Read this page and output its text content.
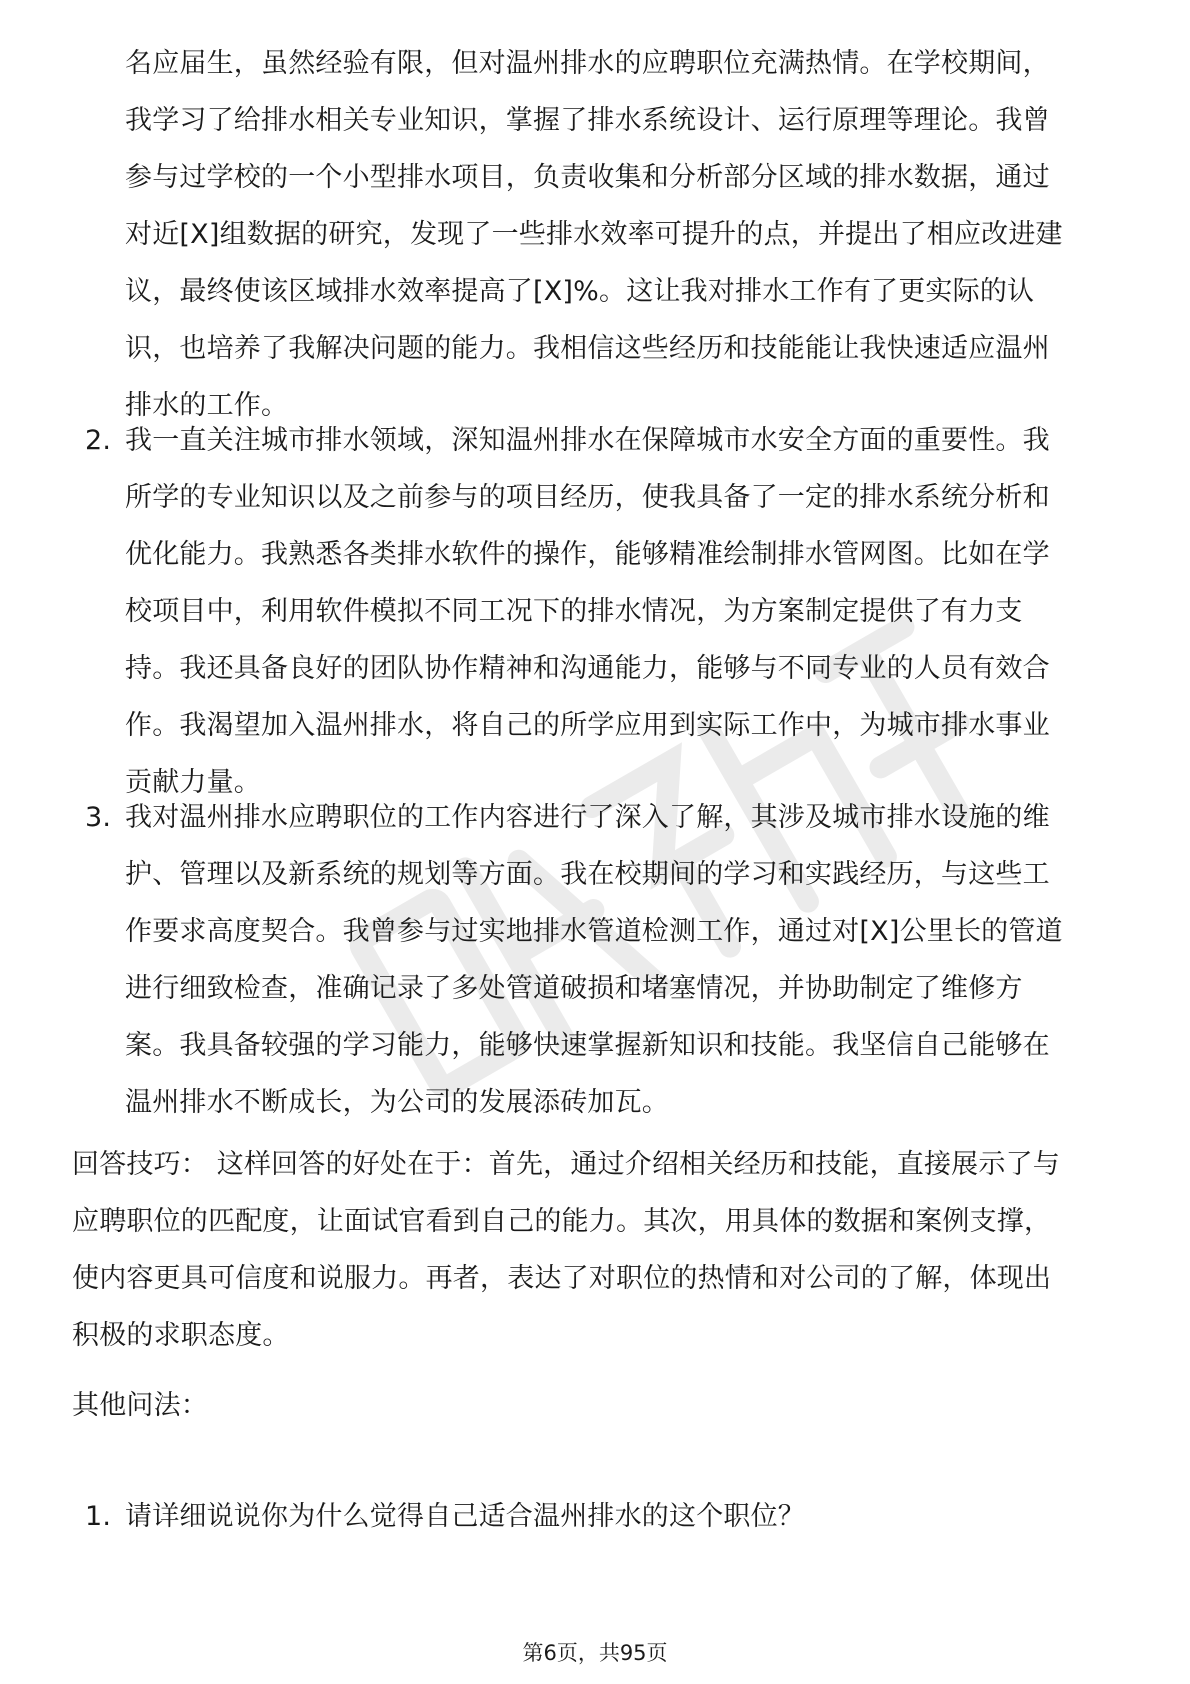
名应届生，虽然经验有限，但对温州排水的应聘职位充满热情。在学校期间，
我学习了给排水相关专业知识，掌握了排水系统设计、运行原理等理论。我曾
参与过学校的一个小型排水项目，负责收集和分析部分区域的排水数据，通过
对近[X]组数据的研究，发现了一些排水效率可提升的点，并提出了相应改进建
议，最终使该区域排水效率提高了[X]%。这让我对排水工作有了更实际的认
识，也培养了我解决问题的能力。我相信这些经历和技能能让我快速适应温州
排水的工作。
2. 我一直关注城市排水领域，深知温州排水在保障城市水安全方面的重要性。我
所学的专业知识以及之前参与的项目经历，使我具备了一定的排水系统分析和
优化能力。我熟悉各类排水软件的操作，能够精准绘制排水管网图。比如在学
校项目中，利用软件模拟不同工况下的排水情况，为方案制定提供了有力支
持。我还具备良好的团队协作精神和沟通能力，能够与不同专业的人员有效合
作。我渴望加入温州排水，将自己的所学应用到实际工作中，为城市排水事业
贡献力量。
3. 我对温州排水应聘职位的工作内容进行了深入了解，其涉及城市排水设施的维
护、管理以及新系统的规划等方面。我在校期间的学习和实践经历，与这些工
作要求高度契合。我曾参与过实地排水管道检测工作，通过对[X]公里长的管道
进行细致检查，准确记录了多处管道破损和堵塞情况，并协助制定了维修方
案。我具备较强的学习能力，能够快速掌握新知识和技能。我坚信自己能够在
温州排水不断成长，为公司的发展添砖加瓦。
回答技巧： 这样回答的好处在于：首先，通过介绍相关经历和技能，直接展示了与
应聘职位的匹配度，让面试官看到自己的能力。其次，用具体的数据和案例支撑，
使内容更具可信度和说服力。再者，表达了对职位的热情和对公司的了解，体现出
积极的求职态度。
其他问法：
1. 请详细说说你为什么觉得自己适合温州排水的这个职位？
第6页，共95页
